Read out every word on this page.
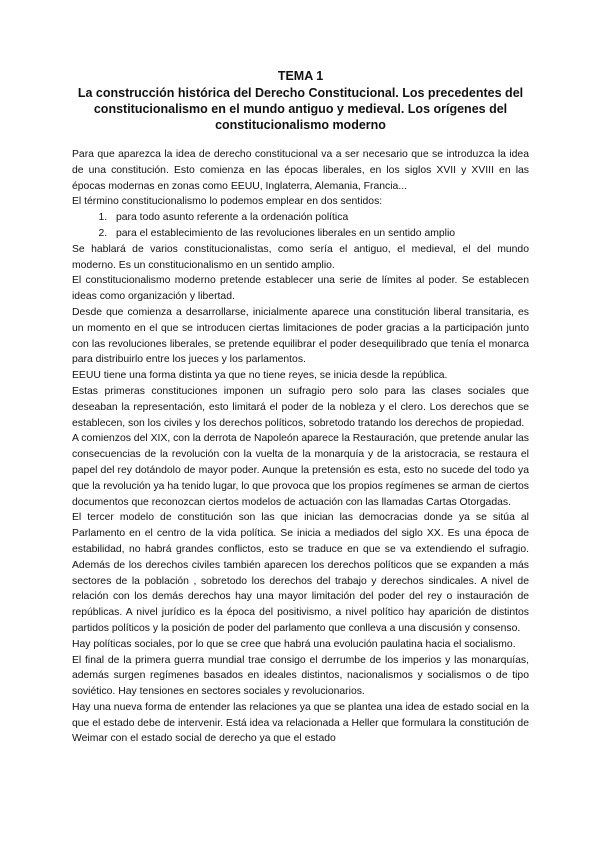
TEMA 1
La construcción histórica del Derecho Constitucional. Los precedentes del constitucionalismo en el mundo antiguo y medieval. Los orígenes del constitucionalismo moderno

Para que aparezca la idea de derecho constitucional va a ser necesario que se introduzca la idea de una constitución. Esto comienza en las épocas liberales, en los siglos XVII y XVIII en las épocas modernas en zonas como EEUU, Inglaterra, Alemania, Francia...

El término constitucionalismo lo podemos emplear en dos sentidos:

1. para todo asunto referente a la ordenación política
2. para el establecimiento de las revoluciones liberales en un sentido amplio

Se hablará de varios constitucionalistas, como sería el antiguo, el medieval, el del mundo moderno. Es un constitucionalismo en un sentido amplio.

El constitucionalismo moderno pretende establecer una serie de límites al poder. Se establecen ideas como organización y libertad.

Desde que comienza a desarrollarse, inicialmente aparece una constitución liberal transitaria, es un momento en el que se introducen ciertas limitaciones de poder gracias a la participación junto con las revoluciones liberales, se pretende equilibrar el poder desequilibrado que tenía el monarca para distribuirlo entre los jueces y los parlamentos.

EEUU tiene una forma distinta ya que no tiene reyes, se inicia desde la república.

Estas primeras constituciones imponen un sufragio pero solo para las clases sociales que deseaban la representación, esto limitará el poder de la nobleza y el clero. Los derechos que se establecen, son los civiles y los derechos políticos, sobretodo tratando los derechos de propiedad.

A comienzos del XIX, con la derrota de Napoleón aparece la Restauración, que pretende anular las consecuencias de la revolución con la vuelta de la monarquía y de la aristocracia, se restaura el papel del rey dotándolo de mayor poder. Aunque la pretensión es esta, esto no sucede del todo ya que la revolución ya ha tenido lugar, lo que provoca que los propios regímenes se arman de ciertos documentos que reconozcan ciertos modelos de actuación con las llamadas Cartas Otorgadas.

El tercer modelo de constitución son las que inician las democracias donde ya se sitúa al Parlamento en el centro de la vida política. Se inicia a mediados del siglo XX. Es una época de estabilidad, no habrá grandes conflictos, esto se traduce en que se va extendiendo el sufragio. Además de los derechos civiles también aparecen los derechos políticos que se expanden a más sectores de la población , sobretodo los derechos del trabajo y derechos sindicales. A nivel de relación con los demás derechos hay una mayor limitación del poder del rey o instauración de repúblicas. A nivel jurídico es la época del positivismo, a nivel político hay aparición de distintos partidos políticos y la posición de poder del parlamento que conlleva a una discusión y consenso.

Hay políticas sociales, por lo que se cree que habrá una evolución paulatina hacia el socialismo.

El final de la primera guerra mundial trae consigo el derrumbe de los imperios y las monarquías, además surgen regímenes basados en ideales distintos, nacionalismos y socialismos o de tipo soviético. Hay tensiones en sectores sociales y revolucionarios.

Hay una nueva forma de entender las relaciones ya que se plantea una idea de estado social en la que el estado debe de intervenir. Está idea va relacionada a Heller que formulara la constitución de Weimar con el estado social de derecho ya que el estado
